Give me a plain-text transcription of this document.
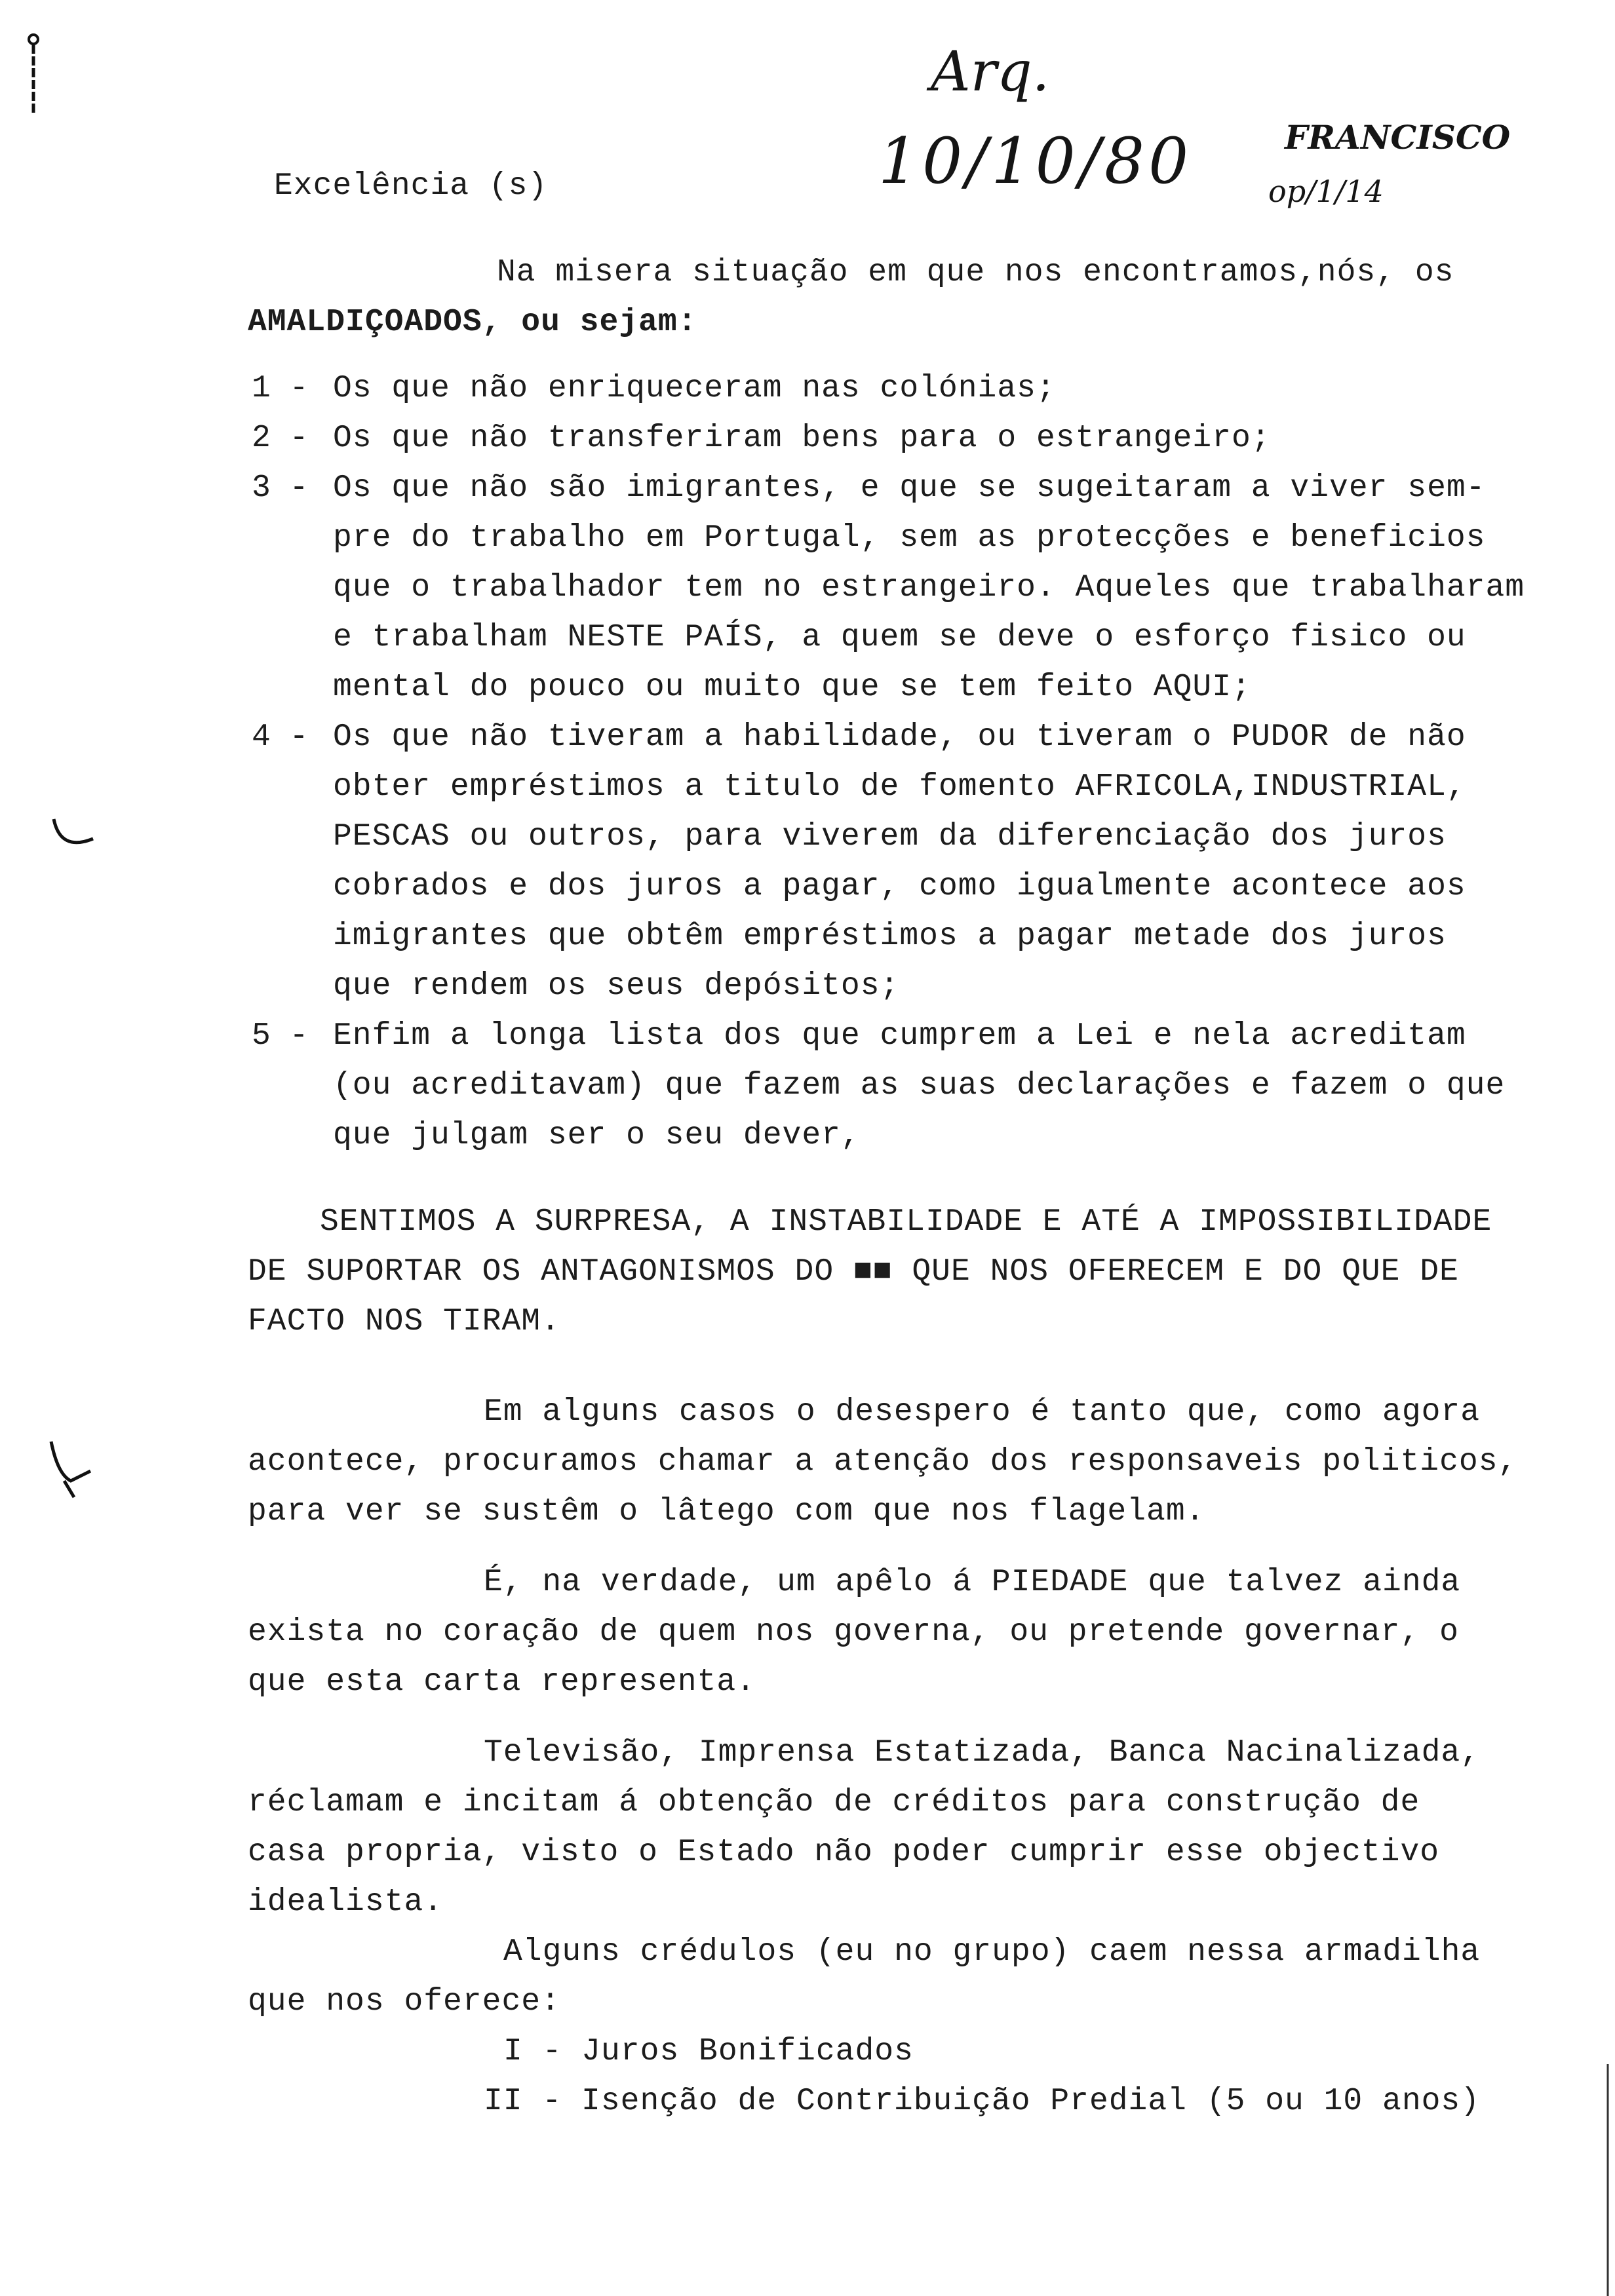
Arq.
10/10/80	FRANCISCO
op/1/14
Excelência (s)
Na misera situação em que nos encontramos,nós, os
AMALDIÇOADOS, ou sejam:
1 - Os que não enriqueceram nas colónias;
2 - Os que não transferiram bens para o estrangeiro;
3 - Os que não são imigrantes, e que se sugeitaram a viver sem-
pre do trabalho em Portugal, sem as protecções e beneficios
que o trabalhador tem no estrangeiro. Aqueles que trabalharam
e trabalham NESTE PAÍS, a quem se deve o esforço fisico ou
mental do pouco ou muito que se tem feito AQUI;
4 - Os que não tiveram a habilidade, ou tiveram o PUDOR de não
obter empréstimos a titulo de fomento AFRICOLA,INDUSTRIAL,
PESCAS ou outros, para viverem da diferenciação dos juros
cobrados e dos juros a pagar, como igualmente acontece aos
imigrantes que obtêm empréstimos a pagar metade dos juros
que rendem os seus depósitos;
5 - Enfim a longa lista dos que cumprem a Lei e nela acreditam
(ou acreditavam) que fazem as suas declarações e fazem o que
que julgam ser o seu dever,
SENTIMOS A SURPRESA, A INSTABILIDADE E ATÉ A IMPOSSIBILIDADE
DE SUPORTAR OS ANTAGONISMOS DO ■■ QUE NOS OFERECEM E DO QUE DE
FACTO NOS TIRAM.
Em alguns casos o desespero é tanto que, como agora
acontece, procuramos chamar a atenção dos responsaveis politicos,
para ver se sustêm o lâtego com que nos flagelam.
É, na verdade, um apêlo á PIEDADE que talvez ainda
exista no coração de quem nos governa, ou pretende governar, o
que esta carta representa.
Televisão, Imprensa Estatizada, Banca Nacinalizada,
réclamam e incitam á obtenção de créditos para construção de
casa propria, visto o Estado não poder cumprir esse objectivo
idealista.
Alguns crédulos (eu no grupo) caem nessa armadilha
que nos oferece:
I - Juros Bonificados
II - Isenção de Contribuição Predial (5 ou 10 anos)
